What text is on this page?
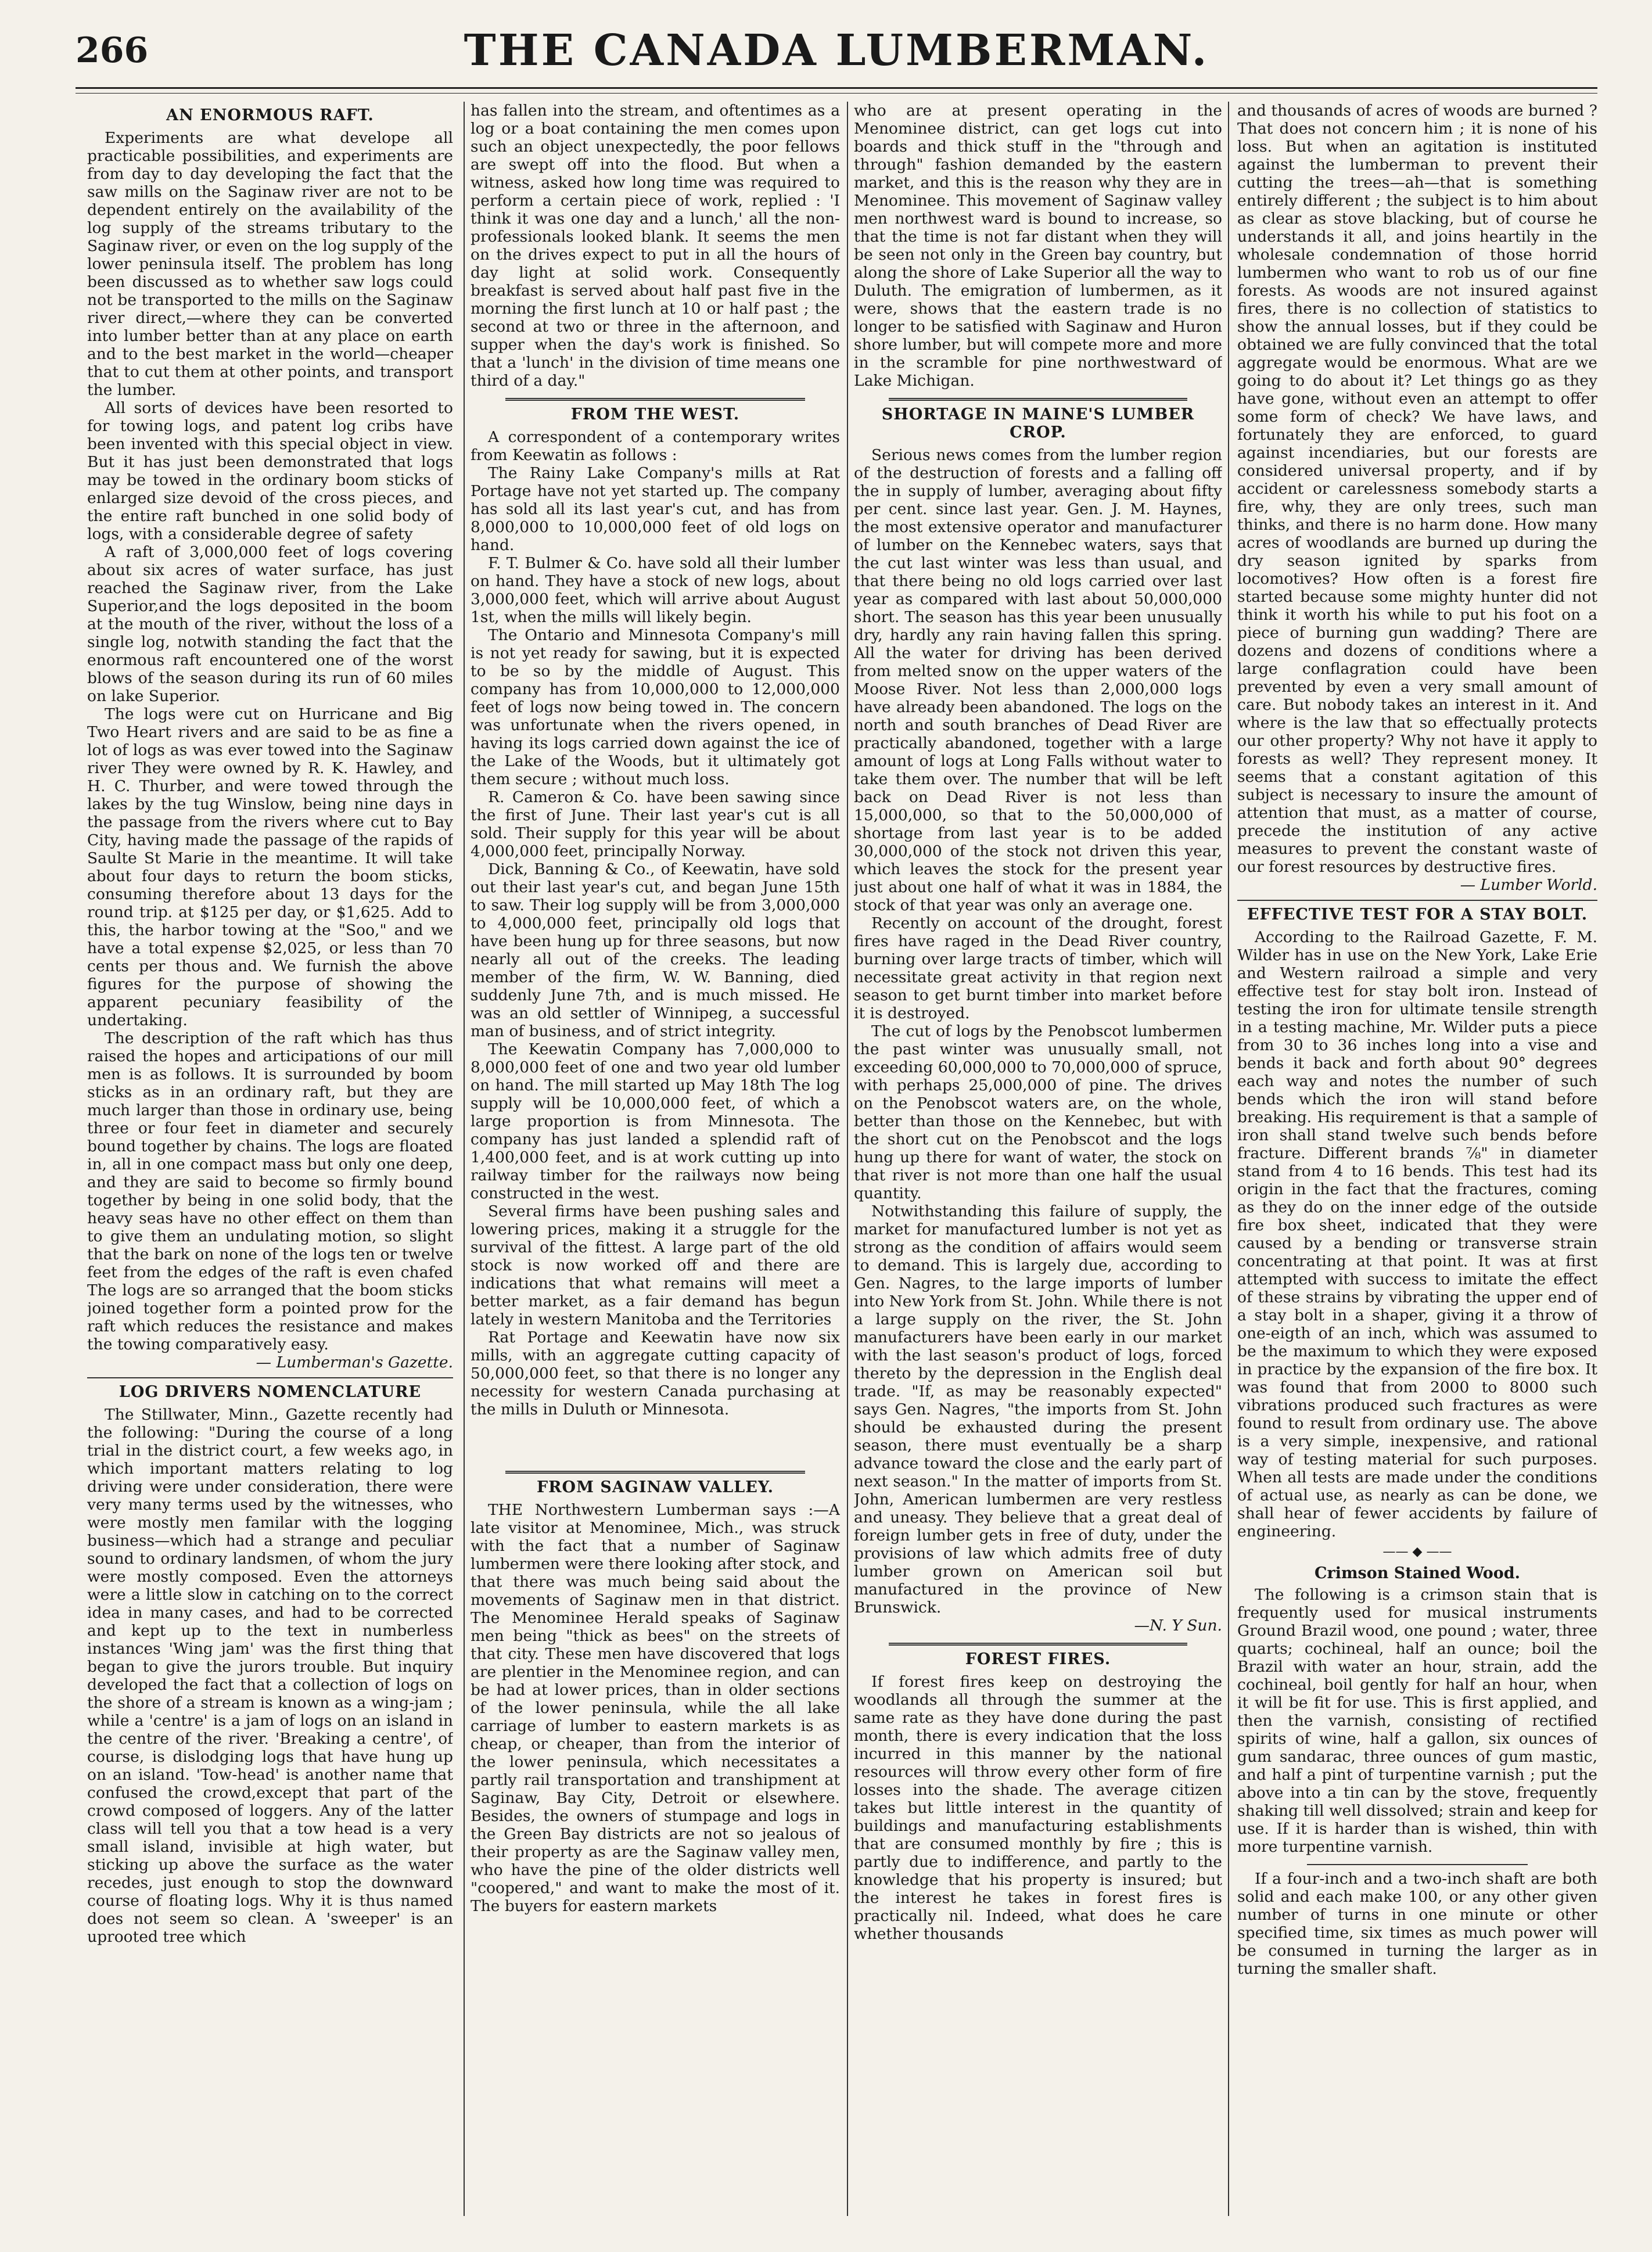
266	THE CANADA LUMBERMAN.
AN ENORMOUS RAFT.

Experiments are what develope all practicable possibilities, and experiments are from day to day developing the fact that the saw mills on the Saginaw river are not to be dependent entirely on the availability of the log supply of the streams tributary to the Saginaw river, or even on the log supply of the lower peninsula itself. The problem has long been discussed as to whether saw logs could not be transported to the mills on the Saginaw river direct,—where they can be converted into lumber better than at any place on earth and to the best market in the world—cheaper that to cut them at other points, and transport the lumber.

All sorts of devices have been resorted to for towing logs, and patent log cribs have been invented with this special object in view. But it has just been demonstrated that logs may be towed in the ordinary boom sticks of enlarged size devoid of the cross pieces, and the entire raft bunched in one solid body of logs, with a considerable degree of safety

A raft of 3,000,000 feet of logs covering about six acres of water surface, has just reached the Saginaw river, from the Lake Superior,and the logs deposited in the boom at the mouth of the river, without the loss of a single log, notwith standing the fact that the enormous raft encountered one of the worst blows of the season during its run of 60 miles on lake Superior.

The logs were cut on Hurricane and Big Two Heart rivers and are said to be as fine a lot of logs as was ever towed into the Saginaw river They were owned by R. K. Hawley, and H. C. Thurber, and were towed through the lakes by the tug Winslow, being nine days in the passage from the rivers where cut to Bay City, having made the passage of the rapids of Saulte St Marie in the meantime. It will take about four days to return the boom sticks, consuming therefore about 13 days for the round trip. at $125 per day, or $1,625. Add to this, the harbor towing at the "Soo," and we have a total expense $2,025, or less than 70 cents per thous and. We furnish the above figures for the purpose of showing the apparent pecuniary feasibility of the undertaking.

The description of the raft which has thus raised the hopes and articipations of our mill men is as follows. It is surrounded by boom sticks as in an ordinary raft, but they are much larger than those in ordinary use, being three or four feet in diameter and securely bound together by chains. The logs are floated in, all in one compact mass but only one deep, and they are said to become so firmly bound together by being in one solid body, that the heavy seas have no other effect on them than to give them an undulating motion, so slight that the bark on none of the logs ten or twelve feet from the edges of the raft is even chafed The logs are so arranged that the boom sticks joined together form a pointed prow for the raft which reduces the resistance and makes the towing comparatively easy.

— Lumberman's Gazette.

LOG DRIVERS NOMENCLATURE

The Stillwater, Minn., Gazette recently had the following: "During the course of a long trial in the district court, a few weeks ago, in which important matters relating to log driving were under consideration, there were very many terms used by the witnesses, who were mostly men familar with the logging business—which had a strange and peculiar sound to ordinary landsmen, of whom the jury were mostly composed. Even the attorneys were a little slow in catching on to the correct idea in many cases, and had to be corrected and kept up to the text in numberless instances 'Wing jam' was the first thing that began to give the jurors trouble. But inquiry developed the fact that a collection of logs on the shore of a stream is known as a wing-jam ; while a 'centre' is a jam of logs on an island in the centre of the river. 'Breaking a centre', of course, is dislodging logs that have hung up on an island. 'Tow-head' is another name that confused the crowd,except that part of the crowd composed of loggers. Any of the latter class will tell you that a tow head is a very small island, invisible at high water, but sticking up above the surface as the water recedes, just enough to stop the downward course of floating logs. Why it is thus named does not seem so clean. A 'sweeper' is an uprooted tree which

has fallen into the stream, and oftentimes as a log or a boat containing the men comes upon such an object unexpectedly, the poor fellows are swept off into the flood. But when a witness, asked how long time was required to perform a certain piece of work, replied : 'I think it was one day and a lunch,' all the non-professionals looked blank. It seems the men on the drives expect to put in all the hours of day light at solid work. Consequently breakfast is served about half past five in the morning the first lunch at 10 or half past ; the second at two or three in the afternoon, and supper when the day's work is finished. So that a 'lunch' in the division of time means one third of a day."

FROM THE WEST.

A correspondent of a contemporary writes from Keewatin as follows :

The Rainy Lake Company's mills at Rat Portage have not yet started up. The company has sold all its last year's cut, and has from 8,000,000 to 10,000,000 feet of old logs on hand.

F. T. Bulmer & Co. have sold all their lumber on hand. They have a stock of new logs, about 3,000,000 feet, which will arrive about August 1st, when the mills will likely begin.

The Ontario and Minnesota Company's mill is not yet ready for sawing, but it is expected to be so by the middle of August. This company has from 10,000,000 to 12,000,000 feet of logs now being towed in. The concern was unfortunate when the rivers opened, in having its logs carried down against the ice of the Lake of the Woods, but it ultimately got them secure ; without much loss.

R. Cameron & Co. have been sawing since the first of June. Their last year's cut is all sold. Their supply for this year will be about 4,000,000 feet, principally Norway.

Dick, Banning & Co., of Keewatin, have sold out their last year's cut, and began June 15th to saw. Their log supply will be from 3,000,000 to 4,000,000 feet, principally old logs that have been hung up for three seasons, but now nearly all out of the creeks. The leading member of the firm, W. W. Banning, died suddenly June 7th, and is much missed. He was an old settler of Winnipeg, a successful man of business, and of strict integrity.

The Keewatin Company has 7,000,000 to 8,000,000 feet of one and two year old lumber on hand. The mill started up May 18th The log supply will be 10,000,000 feet, of which a large proportion is from Minnesota. The company has just landed a splendid raft of 1,400,000 feet, and is at work cutting up into railway timber for the railways now being constructed in the west.

Several firms have been pushing sales and lowering prices, making it a struggle for the survival of the fittest. A large part of the old stock is now worked off and there are indications that what remains will meet a better market, as a fair demand has begun lately in western Manitoba and the Territories

Rat Portage and Keewatin have now six mills, with an aggregate cutting capacity of 50,000,000 feet, so that there is no longer any necessity for western Canada purchasing at the mills in Duluth or Minnesota.

FROM SAGINAW VALLEY.

THE Northwestern Lumberman says :—A late visitor at Menominee, Mich., was struck with the fact that a number of Saginaw lumbermen were there looking after stock, and that there was much being said about the movements of Saginaw men in that district. The Menominee Herald speaks of Saginaw men being "thick as bees" on the streets of that city. These men have discovered that logs are plentier in the Menominee region, and can be had at lower prices, than in older sections of the lower peninsula, while the all lake carriage of lumber to eastern markets is as cheap, or cheaper, than from the interior of the lower peninsula, which necessitates a partly rail transportation and transhipment at Saginaw, Bay City, Detroit or elsewhere. Besides, the owners of stumpage and logs in the Green Bay districts are not so jealous of their property as are the Saginaw valley men, who have the pine of the older districts well "coopered," and want to make the most of it. The buyers for eastern markets

who are at present operating in the Menominee district, can get logs cut into boards and thick stuff in the "through and through" fashion demanded by the eastern market, and this is the reason why they are in Menominee. This movement of Saginaw valley men northwest ward is bound to increase, so that the time is not far distant when they will be seen not only in the Green bay country, but along the shore of Lake Superior all the way to Duluth. The emigration of lumbermen, as it were, shows that the eastern trade is no longer to be satisfied with Saginaw and Huron shore lumber, but will compete more and more in the scramble for pine northwestward of Lake Michigan.

SHORTAGE IN MAINE'S LUMBER CROP.

Serious news comes from the lumber region of the destruction of forests and a falling off the in supply of lumber, averaging about fifty per cent. since last year. Gen. J. M. Haynes, the most extensive operator and manufacturer of lumber on the Kennebec waters, says that the cut last winter was less than usual, and that there being no old logs carried over last year as compared with last about 50,000,000 short. The season has this year been unusually dry, hardly any rain having fallen this spring. All the water for driving has been derived from melted snow on the upper waters of the Moose River. Not less than 2,000,000 logs have already been abandoned. The logs on the north and south branches of Dead River are practically abandoned, together with a large amount of logs at Long Falls without water to take them over. The number that will be left back on Dead River is not less than 15,000,000, so that to the 50,000,000 of shortage from last year is to be added 30,000,000 of the stock not driven this year, which leaves the stock for the present year just about one half of what it was in 1884, the stock of that year was only an average one.

Recently on account of the drought, forest fires have raged in the Dead River country, burning over large tracts of timber, which will necessitate great activity in that region next season to get burnt timber into market before it is destroyed.

The cut of logs by the Penobscot lumbermen the past winter was unusually small, not exceeding 60,000,000 to 70,000,000 of spruce, with perhaps 25,000,000 of pine. The drives on the Penobscot waters are, on the whole, better than those on the Kennebec, but with the short cut on the Penobscot and the logs hung up there for want of water, the stock on that river is not more than one half the usual quantity.

Notwithstanding this failure of supply, the market for manufactured lumber is not yet as strong as the condition of affairs would seem to demand. This is largely due, according to Gen. Nagres, to the large imports of lumber into New York from St. John. While there is not a large supply on the river, the St. John manufacturers have been early in our market with the last season's product of logs, forced thereto by the depression in the English deal trade. "If, as may be reasonably expected" says Gen. Nagres, "the imports from St. John should be exhausted during the present season, there must eventually be a sharp advance toward the close and the early part of next season." In the matter of imports from St. John, American lumbermen are very restless and uneasy. They believe that a great deal of foreign lumber gets in free of duty, under the provisions of law which admits free of duty lumber grown on American soil but manufactured in the province of New Brunswick.

—N. Y Sun.

FOREST FIRES.

If forest fires keep on destroying the woodlands all through the summer at the same rate as they have done during the past month, there is every indication that the loss incurred in this manner by the national resources will throw every other form of fire losses into the shade. The average citizen takes but little interest in the quantity of buildings and manufacturing establishments that are consumed monthly by fire ; this is partly due to indifference, and partly to the knowledge that his property is insured; but the interest he takes in forest fires is practically nil. Indeed, what does he care whether thousands

and thousands of acres of woods are burned ? That does not concern him ; it is none of his loss. But when an agitation is instituted against the lumberman to prevent their cutting the trees—ah—that is something entirely different ; the subject is to him about as clear as stove blacking, but of course he understands it all, and joins heartily in the wholesale condemnation of those horrid lumbermen who want to rob us of our fine forests. As woods are not insured against fires, there is no collection of statistics to show the annual losses, but if they could be obtained we are fully convinced that the total aggregate would be enormous. What are we going to do about it? Let things go as they have gone, without even an attempt to offer some form of check? We have laws, and fortunately they are enforced, to guard against incendiaries, but our forests are considered universal property, and if by accident or carelessness somebody starts a fire, why, they are only trees, such man thinks, and there is no harm done. How many acres of woodlands are burned up during the dry season ignited by sparks from locomotives? How often is a forest fire started because some mighty hunter did not think it worth his while to put his foot on a piece of burning gun wadding? There are dozens and dozens of conditions where a large conflagration could have been prevented by even a very small amount of care. But nobody takes an interest in it. And where is the law that so effectually protects our other property? Why not have it apply to forests as well? They represent money. It seems that a constant agitation of this subject is necessary to insure the amount of attention that must, as a matter of course, precede the institution of any active measures to prevent the constant waste of our forest resources by destructive fires.

— Lumber World.

EFFECTIVE TEST FOR A STAY BOLT.

According to the Railroad Gazette, F. M. Wilder has in use on the New York, Lake Erie and Western railroad a simple and very effective test for stay bolt iron. Instead of testing the iron for ultimate tensile strength in a testing machine, Mr. Wilder puts a piece from 30 to 36 inches long into a vise and bends it back and forth about 90° degrees each way and notes the number of such bends which the iron will stand before breaking. His requirement is that a sample of iron shall stand twelve such bends before fracture. Different brands ⅞" in diameter stand from 4 to 16 bends. This test had its origin in the fact that the fractures, coming as they do on the inner edge of the outside fire box sheet, indicated that they were caused by a bending or transverse strain concentrating at that point. It was at first attempted with success to imitate the effect of these strains by vibrating the upper end of a stay bolt in a shaper, giving it a throw of one-eigth of an inch, which was assumed to be the maximum to which they were exposed in practice by the expansion of the fire box. It was found that from 2000 to 8000 such vibrations produced such fractures as were found to result from ordinary use. The above is a very simple, inexpensive, and rational way of testing material for such purposes. When all tests are made under the conditions of actual use, as nearly as can be done, we shall hear of fewer accidents by failure of engineering.

—— ◆ ——
Crimson Stained Wood.

The following is a crimson stain that is frequently used for musical instruments Ground Brazil wood, one pound ; water, three quarts; cochineal, half an ounce; boil the Brazil with water an hour, strain, add the cochineal, boil gently for half an hour, when it will be fit for use. This is first applied, and then the varnish, consisting of rectified spirits of wine, half a gallon, six ounces of gum sandarac, three ounces of gum mastic, and half a pint of turpentine varnish ; put the above into a tin can by the stove, frequently shaking till well dissolved; strain and keep for use. If it is harder than is wished, thin with more turpentine varnish.

If a four-inch and a two-inch shaft are both solid and each make 100, or any other given number of turns in one minute or other specified time, six times as much power will be consumed in turning the larger as in turning the smaller shaft.
